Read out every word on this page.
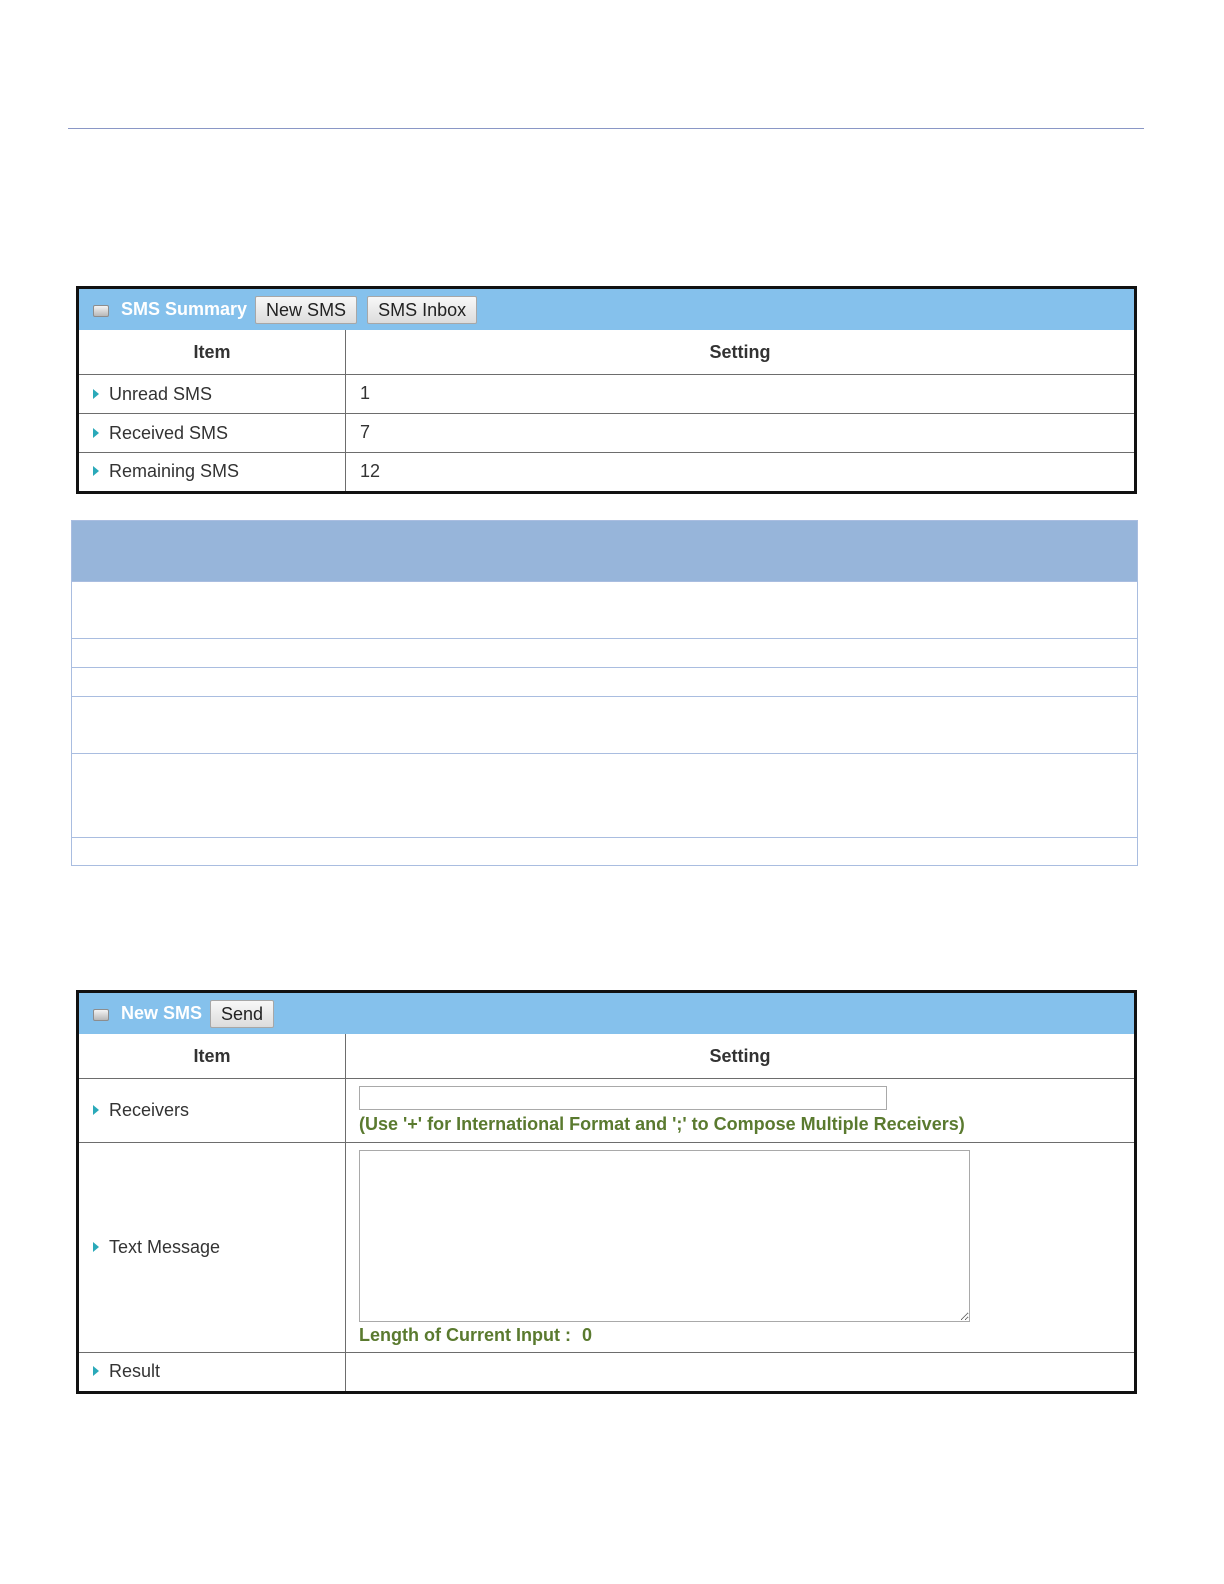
SMS Summary	New SMS	SMS Inbox
Item	Setting
Unread SMS	1
Received SMS	7
Remaining SMS	12
New SMS	Send
Item	Setting
Receivers	(Use '+' for International Format and ';' to Compose Multiple Receivers)
Text Message	Length of Current Input : 0
Result	
